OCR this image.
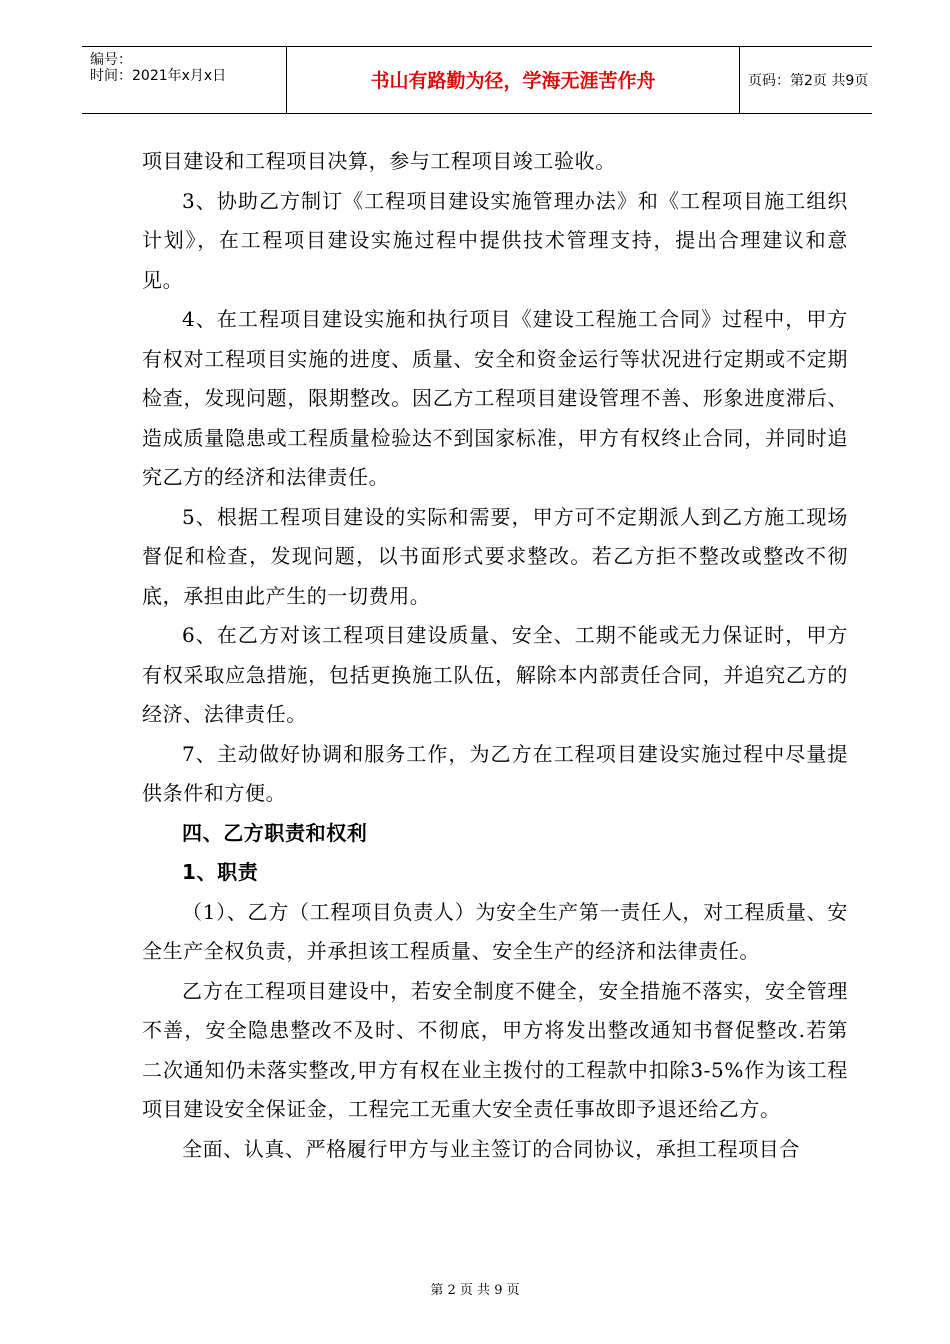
编号：
时间：2021年x月x日	书山有路勤为径，学海无涯苦作舟	页码：第2页 共9页

项目建设和工程项目决算，参与工程项目竣工验收。

3、协助乙方制订《工程项目建设实施管理办法》和《工程项目施工组织计划》，在工程项目建设实施过程中提供技术管理支持，提出合理建议和意见。

4、在工程项目建设实施和执行项目《建设工程施工合同》过程中，甲方有权对工程项目实施的进度、质量、安全和资金运行等状况进行定期或不定期检查，发现问题，限期整改。因乙方工程项目建设管理不善、形象进度滞后、造成质量隐患或工程质量检验达不到国家标准，甲方有权终止合同，并同时追究乙方的经济和法律责任。

5、根据工程项目建设的实际和需要，甲方可不定期派人到乙方施工现场督促和检查，发现问题，以书面形式要求整改。若乙方拒不整改或整改不彻底，承担由此产生的一切费用。

6、在乙方对该工程项目建设质量、安全、工期不能或无力保证时，甲方有权采取应急措施，包括更换施工队伍，解除本内部责任合同，并追究乙方的经济、法律责任。

7、主动做好协调和服务工作，为乙方在工程项目建设实施过程中尽量提供条件和方便。

四、乙方职责和权利

1、职责

（1）、乙方（工程项目负责人）为安全生产第一责任人，对工程质量、安全生产全权负责，并承担该工程质量、安全生产的经济和法律责任。

乙方在工程项目建设中，若安全制度不健全，安全措施不落实，安全管理不善，安全隐患整改不及时、不彻底，甲方将发出整改通知书督促整改.若第二次通知仍未落实整改,甲方有权在业主拨付的工程款中扣除3-5%作为该工程项目建设安全保证金，工程完工无重大安全责任事故即予退还给乙方。

全面、认真、严格履行甲方与业主签订的合同协议，承担工程项目合

第 2 页 共 9 页
